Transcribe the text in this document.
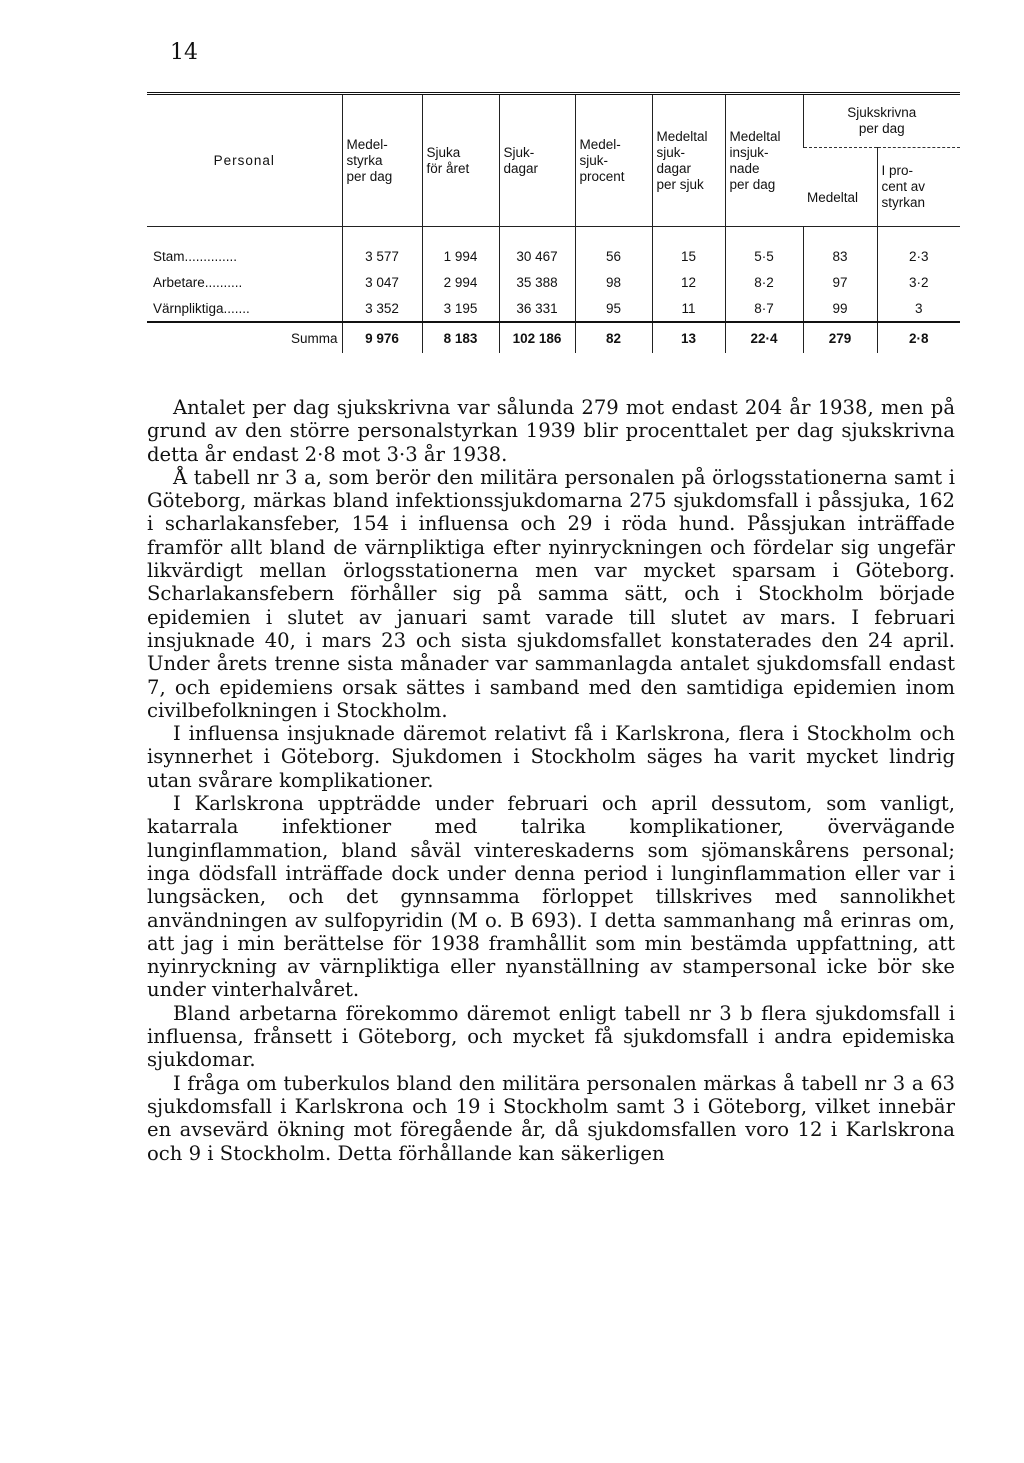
14
Personal	Medel-
styrka
per dag	Sjuka
för året	Sjuk-
dagar	Medel-
sjuk-
procent	Medeltal
sjuk-
dagar
per sjuk	Medeltal
insjuk-
nade
per dag	Sjukskrivna
per dag	
							Medeltal	I pro-
cent av
styrkan

Stam..............	3 577	1 994	30 467	56	15	5·5	83	2·3
Arbetare..........	3 047	2 994	35 388	98	12	8·2	97	3·2
Värnpliktiga.......	3 352	3 195	36 331	95	11	8·7	99	3
Summa	9 976	8 183	102 186	82	13	22·4	279	2·8

Antalet per dag sjukskrivna var sålunda 279 mot endast 204 år 1938, men på grund av den större personalstyrkan 1939 blir procenttalet per dag sjukskrivna detta år endast 2·8 mot 3·3 år 1938.

Å tabell nr 3 a, som berör den militära personalen på örlogsstationerna samt i Göteborg, märkas bland infektionssjukdomarna 275 sjukdomsfall i påssjuka, 162 i scharlakansfeber, 154 i influensa och 29 i röda hund. Påssjukan inträffade framför allt bland de värnpliktiga efter nyinryckningen och fördelar sig ungefär likvärdigt mellan örlogsstationerna men var mycket sparsam i Göteborg. Scharlakansfebern förhåller sig på samma sätt, och i Stockholm började epidemien i slutet av januari samt varade till slutet av mars. I februari insjuknade 40, i mars 23 och sista sjukdomsfallet konstaterades den 24 april. Under årets trenne sista månader var sammanlagda antalet sjukdomsfall endast 7, och epidemiens orsak sättes i samband med den samtidiga epidemien inom civilbefolkningen i Stockholm.

I influensa insjuknade däremot relativt få i Karlskrona, flera i Stockholm och isynnerhet i Göteborg. Sjukdomen i Stockholm säges ha varit mycket lindrig utan svårare komplikationer.

I Karlskrona uppträdde under februari och april dessutom, som vanligt, katarrala infektioner med talrika komplikationer, övervägande lunginflammation, bland såväl vintereskaderns som sjömanskårens personal; inga dödsfall inträffade dock under denna period i lunginflammation eller var i lungsäcken, och det gynnsamma förloppet tillskrives med sannolikhet användningen av sulfopyridin (M o. B 693). I detta sammanhang må erinras om, att jag i min berättelse för 1938 framhållit som min bestämda uppfattning, att nyinryckning av värnpliktiga eller nyanställning av stampersonal icke bör ske under vinterhalvåret.

Bland arbetarna förekommo däremot enligt tabell nr 3 b flera sjukdomsfall i influensa, frånsett i Göteborg, och mycket få sjukdomsfall i andra epidemiska sjukdomar.

I fråga om tuberkulos bland den militära personalen märkas å tabell nr 3 a 63 sjukdomsfall i Karlskrona och 19 i Stockholm samt 3 i Göteborg, vilket innebär en avsevärd ökning mot föregående år, då sjukdomsfallen voro 12 i Karlskrona och 9 i Stockholm. Detta förhållande kan säkerligen
